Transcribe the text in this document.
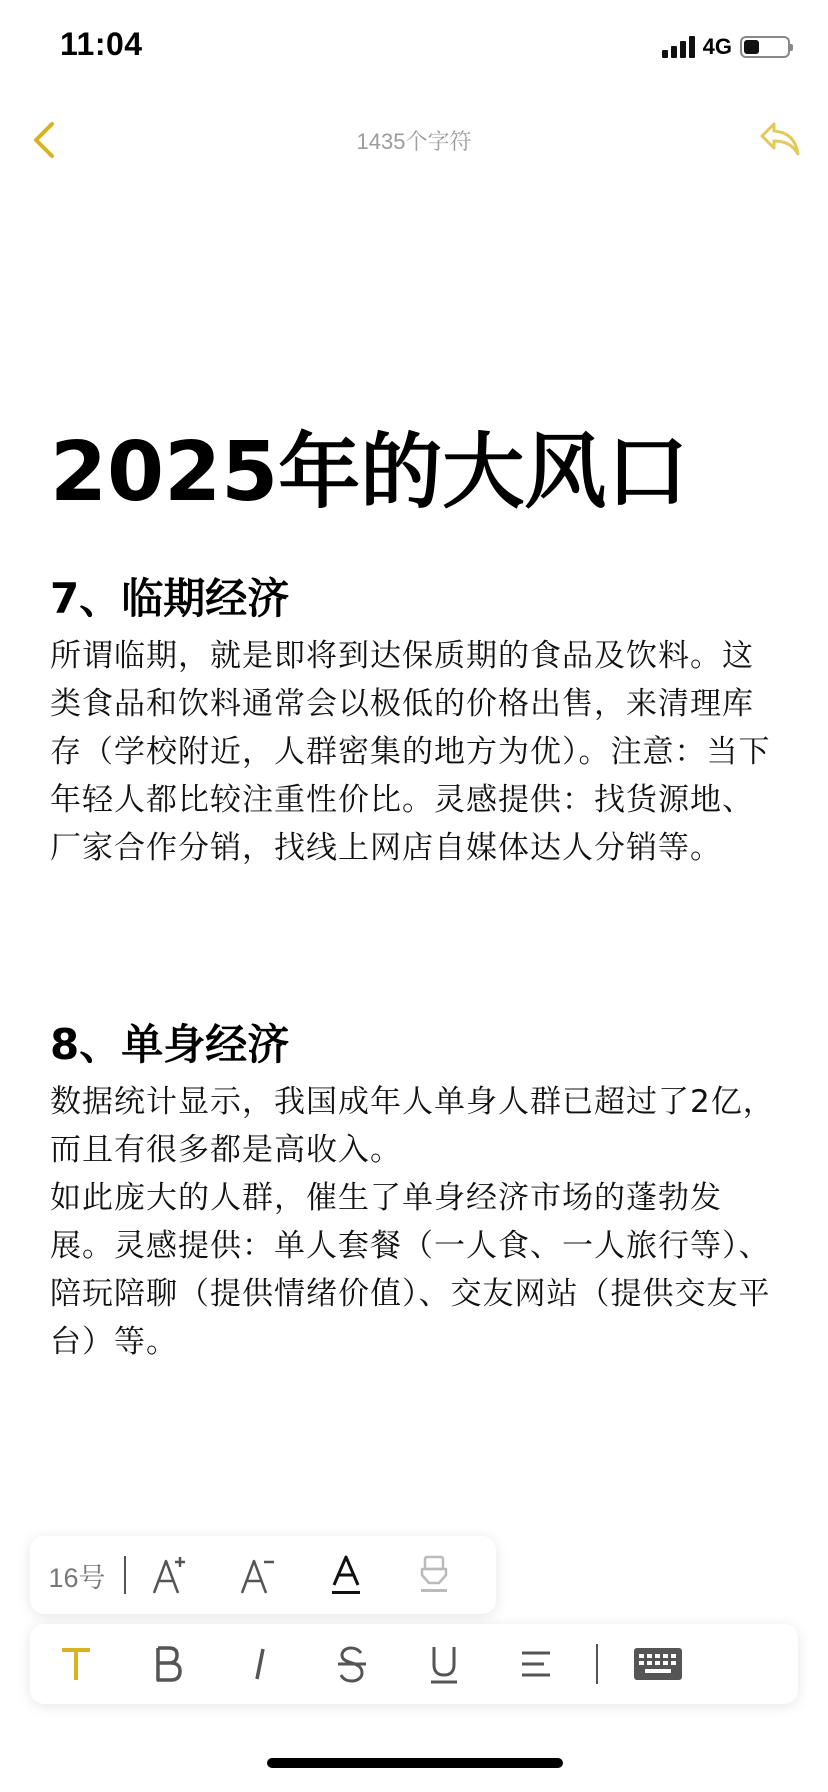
11:04	4G
1435个字符
2025年的大风口
7、临期经济

所谓临期，就是即将到达保质期的食品及饮料。这类食品和饮料通常会以极低的价格出售，来清理库存（学校附近，人群密集的地方为优）。注意：当下年轻人都比较注重性价比。灵感提供：找货源地、厂家合作分销，找线上网店自媒体达人分销等。

8、单身经济

数据统计显示，我国成年人单身人群已超过了2亿，而且有很多都是高收入。

如此庞大的人群，催生了单身经济市场的蓬勃发展。灵感提供：单人套餐（一人食、一人旅行等）、陪玩陪聊（提供情绪价值）、交友网站（提供交友平台）等。

16号
